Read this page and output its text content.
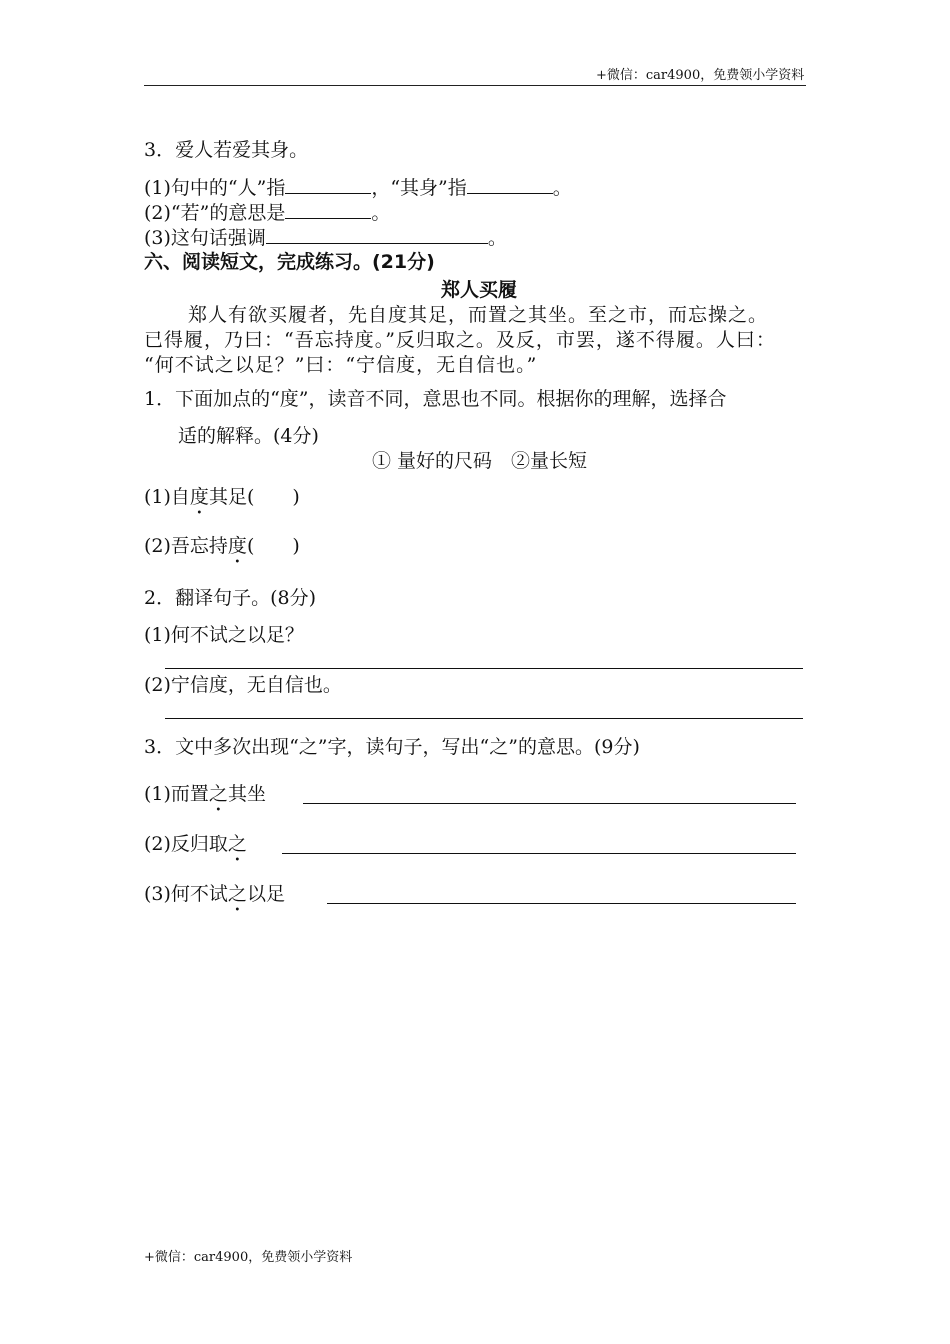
+微信：car4900，免费领小学资料
3．爱人若爱其身。
(1)句中的“人”指	，“其身”指	。
(2)“若”的意思是	。
(3)这句话强调	。
六、阅读短文，完成练习。(21分)
郑人买履
郑人有欲买履者，先自度其足，而置之其坐。至之市，而忘操之。
已得履，乃曰：“吾忘持度。”反归取之。及反，市罢，遂不得履。人曰：
“何不试之以足？”曰：“宁信度，无自信也。”
1．下面加点的“度”，读音不同，意思也不同。根据你的理解，选择合
适的解释。(4分)
① 量好的尺码　②量长短
(1)自度其足(　　)
(2)吾忘持度(　　)
2．翻译句子。(8分)
(1)何不试之以足？
(2)宁信度，无自信也。
3．文中多次出现“之”字，读句子，写出“之”的意思。(9分)
(1)而置之其坐
(2)反归取之
(3)何不试之以足
+微信：car4900，免费领小学资料
